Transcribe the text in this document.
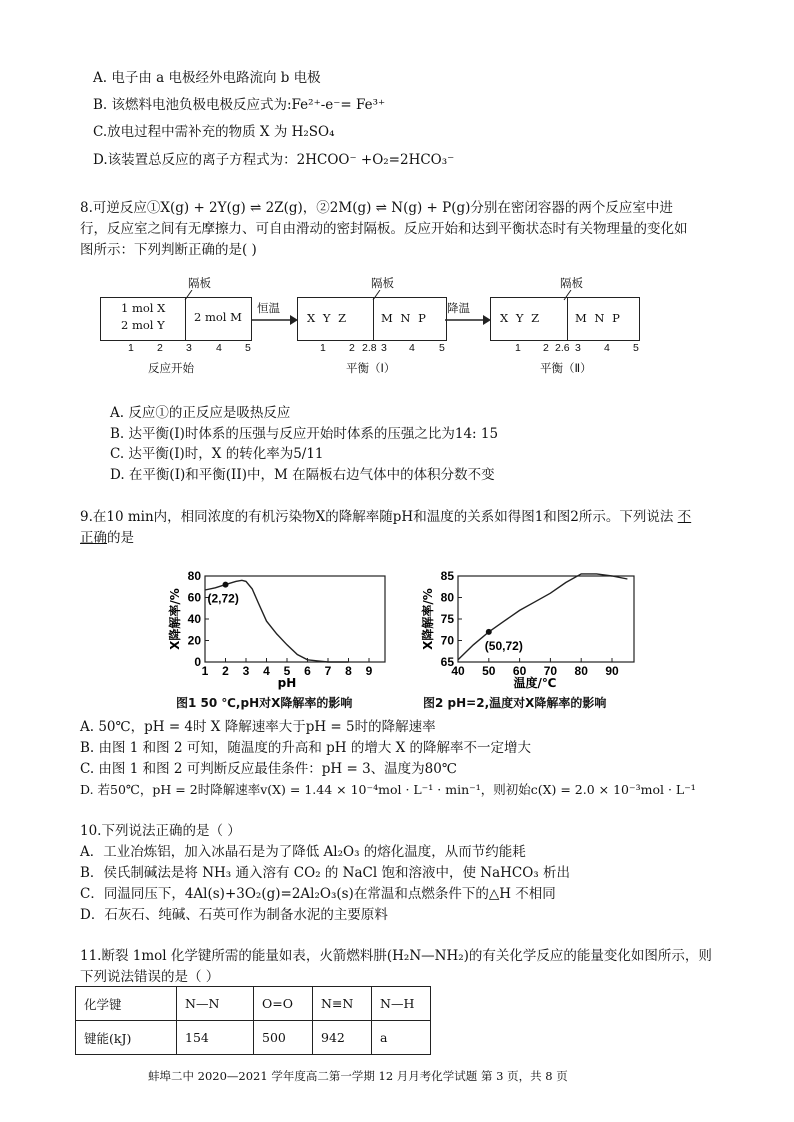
A. 电子由 a 电极经外电路流向 b 电极
B. 该燃料电池负极电极反应式为:Fe²⁺-e⁻= Fe³⁺
C.放电过程中需补充的物质 X 为 H₂SO₄
D.该装置总反应的离子方程式为：2HCOO⁻ +O₂=2HCO₃⁻
8.可逆反应①X(g) + 2Y(g) ⇌ 2Z(g)，②2M(g) ⇌ N(g) + P(g)分别在密闭容器的两个反应室中进
行，反应室之间有无摩擦力、可自由滑动的密封隔板。反应开始和达到平衡状态时有关物理量的变化如
图所示：下列判断正确的是( )
1 mol X
2 mol Y
2 mol M
隔板
恒温
X Y Z	M N P
隔板
降温
X Y Z	M N P
隔板
1 2 3 4 5	1 2 2.8 3 4 5	1 2 2.6 3 4 5
反应开始	平衡（Ⅰ）	平衡（Ⅱ）
A. 反应①的正反应是吸热反应
B. 达平衡(I)时体系的压强与反应开始时体系的压强之比为14: 15
C. 达平衡(I)时，X 的转化率为5/11
D. 在平衡(I)和平衡(II)中，M 在隔板右边气体中的体积分数不变
9.在10 min内，相同浓度的有机污染物X的降解率随pH和温度的关系如得图1和图2所示。下列说法 不
正确的是
1 2 3 4 5 6 7 8 9
0
20
40
60
80
pH
X降解率/% (2,72)
40 50 60 70 80 90
65
70
75
80
85
温度/℃
X降解率/%	(50,72)
图1 50 ℃,pH对X降解率的影响	图2 pH=2,温度对X降解率的影响
A. 50℃，pH = 4时 X 降解速率大于pH = 5时的降解速率
B. 由图 1 和图 2 可知，随温度的升高和 pH 的增大 X 的降解率不一定增大
C. 由图 1 和图 2 可判断反应最佳条件：pH = 3、温度为80℃
D. 若50℃，pH = 2时降解速率v(X) = 1.44 × 10⁻⁴mol · L⁻¹ · min⁻¹，则初始c(X) = 2.0 × 10⁻³mol · L⁻¹
10.下列说法正确的是（ ）
A．工业冶炼铝，加入冰晶石是为了降低 Al₂O₃ 的熔化温度，从而节约能耗
B．侯氏制碱法是将 NH₃ 通入溶有 CO₂ 的 NaCl 饱和溶液中，使 NaHCO₃ 析出
C．同温同压下，4Al(s)+3O₂(g)=2Al₂O₃(s)在常温和点燃条件下的△H 不相同
D．石灰石、纯碱、石英可作为制备水泥的主要原料
11.断裂 1mol 化学键所需的能量如表，火箭燃料肼(H₂N—NH₂)的有关化学反应的能量变化如图所示，则
下列说法错误的是（ ）
化学键	N—N	O=O	N≡N	N—H
键能(kJ)	154	500	942	a
蚌埠二中 2020—2021 学年度高二第一学期 12 月月考化学试题 第 3 页，共 8 页
